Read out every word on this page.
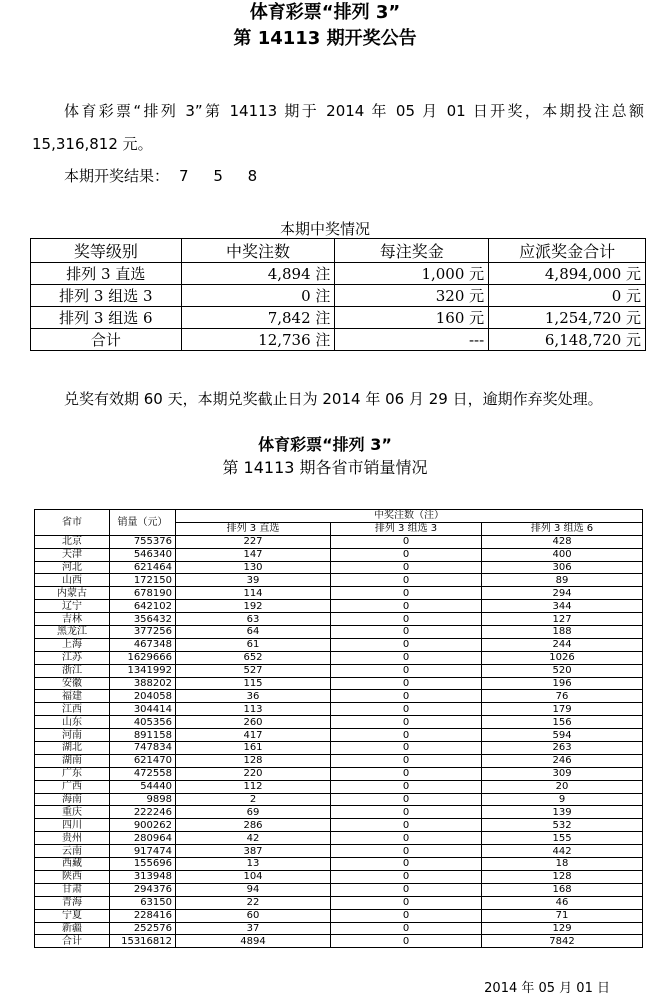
体育彩票“排列 3”
第 14113 期开奖公告
体育彩票“排列 3”第 14113 期于 2014 年 05 月 01 日开奖，本期投注总额 15,316,812 元。
本期开奖结果： 7 5 8
本期中奖情况
奖等级别	中奖注数	每注奖金	应派奖金合计
排列 3 直选	4,894 注	1,000 元	4,894,000 元
排列 3 组选 3	0 注	320 元	0 元
排列 3 组选 6	7,842 注	160 元	1,254,720 元
合计	12,736 注	---	6,148,720 元
兑奖有效期 60 天，本期兑奖截止日为 2014 年 06 月 29 日，逾期作弃奖处理。
体育彩票“排列 3”
第 14113 期各省市销量情况
省市	销量（元）	中奖注数（注）		
		排列 3 直选	排列 3 组选 3	排列 3 组选 6
北京	755376	227	0	428
天津	546340	147	0	400
河北	621464	130	0	306
山西	172150	39	0	89
内蒙古	678190	114	0	294
辽宁	642102	192	0	344
吉林	356432	63	0	127
黑龙江	377256	64	0	188
上海	467348	61	0	244
江苏	1629666	652	0	1026
浙江	1341992	527	0	520
安徽	388202	115	0	196
福建	204058	36	0	76
江西	304414	113	0	179
山东	405356	260	0	156
河南	891158	417	0	594
湖北	747834	161	0	263
湖南	621470	128	0	246
广东	472558	220	0	309
广西	54440	112	0	20
海南	9898	2	0	9
重庆	222246	69	0	139
四川	900262	286	0	532
贵州	280964	42	0	155
云南	917474	387	0	442
西藏	155696	13	0	18
陕西	313948	104	0	128
甘肃	294376	94	0	168
青海	63150	22	0	46
宁夏	228416	60	0	71
新疆	252576	37	0	129
合计	15316812	4894	0	7842
2014 年 05 月 01 日
